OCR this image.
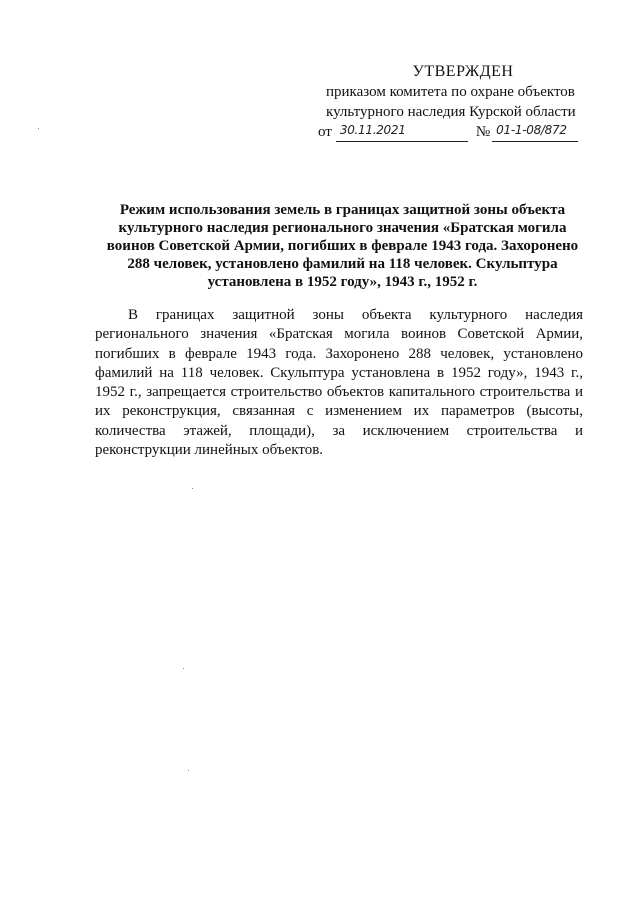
УТВЕРЖДЕН
приказом комитета по охране объектов
культурного наследия Курской области
от 30.11.2021	№ 01-1-08/872
Режим использования земель в границах защитной зоны объекта культурного наследия регионального значения «Братская могила воинов Советской Армии, погибших в феврале 1943 года. Захоронено 288 человек, установлено фамилий на 118 человек. Скульптура установлена в 1952 году», 1943 г., 1952 г.
В границах защитной зоны объекта культурного наследия регионального значения «Братская могила воинов Советской Армии, погибших в феврале 1943 года. Захоронено 288 человек, установлено фамилий на 118 человек. Скульптура установлена в 1952 году», 1943 г., 1952 г., запрещается строительство объектов капитального строительства и их реконструкция, связанная с изменением их параметров (высоты, количества этажей, площади), за исключением строительства и реконструкции линейных объектов.
